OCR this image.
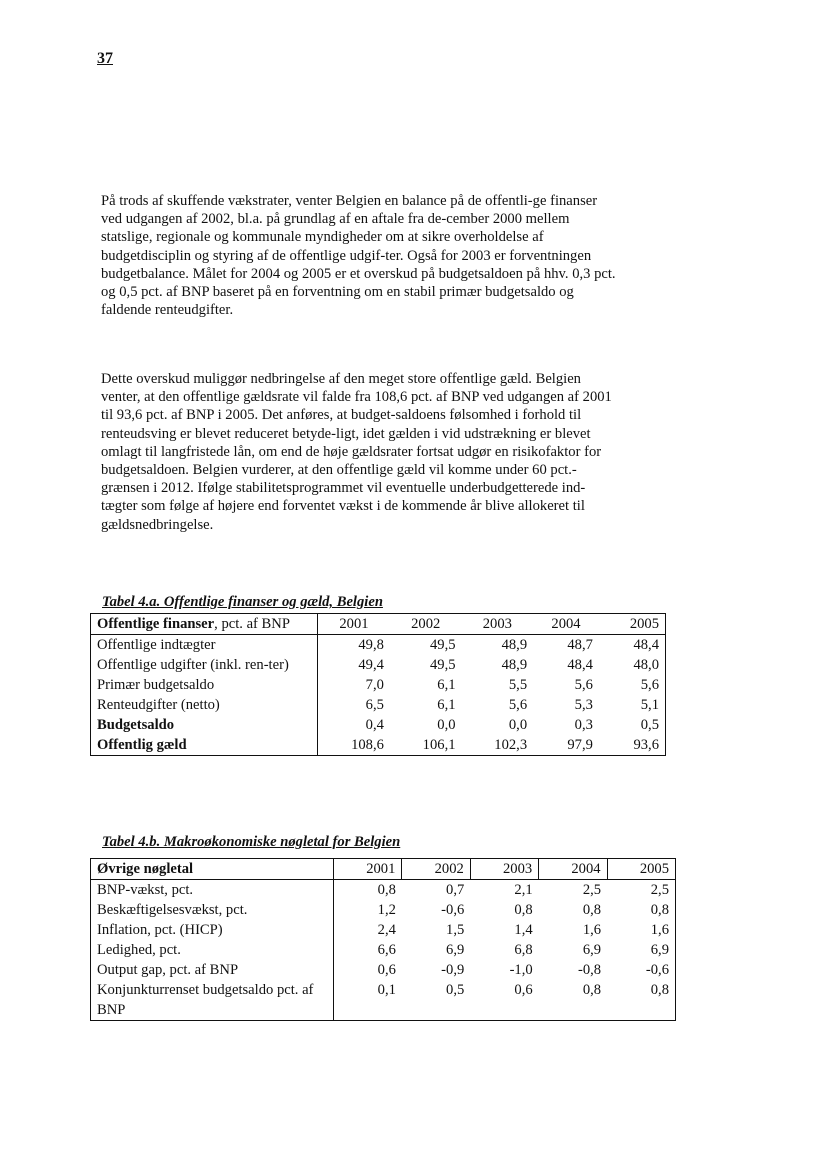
37

På trods af skuffende vækstrater, venter Belgien en balance på de offentli-ge finanser ved udgangen af 2002, bl.a. på grundlag af en aftale fra de-cember 2000 mellem statslige, regionale og kommunale myndigheder om at sikre overholdelse af budgetdisciplin og styring af de offentlige udgif-ter. Også for 2003 er forventningen budgetbalance. Målet for 2004 og 2005 er et overskud på budgetsaldoen på hhv. 0,3 pct. og 0,5 pct. af BNP baseret på en forventning om en stabil primær budgetsaldo og faldende renteudgifter.

Dette overskud muliggør nedbringelse af den meget store offentlige gæld. Belgien venter, at den offentlige gældsrate vil falde fra 108,6 pct. af BNP ved udgangen af 2001 til 93,6 pct. af BNP i 2005. Det anføres, at budget-saldoens følsomhed i forhold til renteudsving er blevet reduceret betyde-ligt, idet gælden i vid udstrækning er blevet omlagt til langfristede lån, om end de høje gældsrater fortsat udgør en risikofaktor for budgetsaldoen. Belgien vurderer, at den offentlige gæld vil komme under 60 pct.-grænsen i 2012. Ifølge stabilitetsprogrammet vil eventuelle underbudgetterede ind-tægter som følge af højere end forventet vækst i de kommende år blive allokeret til gældsnedbringelse.

Tabel 4.a. Offentlige finanser og gæld, Belgien
Offentlige finanser, pct. af BNP	2001	2002	2003	2004	2005
Offentlige indtægter	49,8	49,5	48,9	48,7	48,4
Offentlige udgifter (inkl. ren-ter)	49,4	49,5	48,9	48,4	48,0
Primær budgetsaldo	7,0	6,1	5,5	5,6	5,6
Renteudgifter (netto)	6,5	6,1	5,6	5,3	5,1
Budgetsaldo	0,4	0,0	0,0	0,3	0,5
Offentlig gæld	108,6	106,1	102,3	97,9	93,6
Tabel 4.b. Makroøkonomiske nøgletal for Belgien
Øvrige nøgletal	2001	2002	2003	2004	2005
BNP-vækst, pct.	0,8	0,7	2,1	2,5	2,5
Beskæftigelsesvækst, pct.	1,2	-0,6	0,8	0,8	0,8
Inflation, pct. (HICP)	2,4	1,5	1,4	1,6	1,6
Ledighed, pct.	6,6	6,9	6,8	6,9	6,9
Output gap, pct. af BNP	0,6	-0,9	-1,0	-0,8	-0,6
Konjunkturrenset budgetsaldo pct. af BNP	0,1	0,5	0,6	0,8	0,8
